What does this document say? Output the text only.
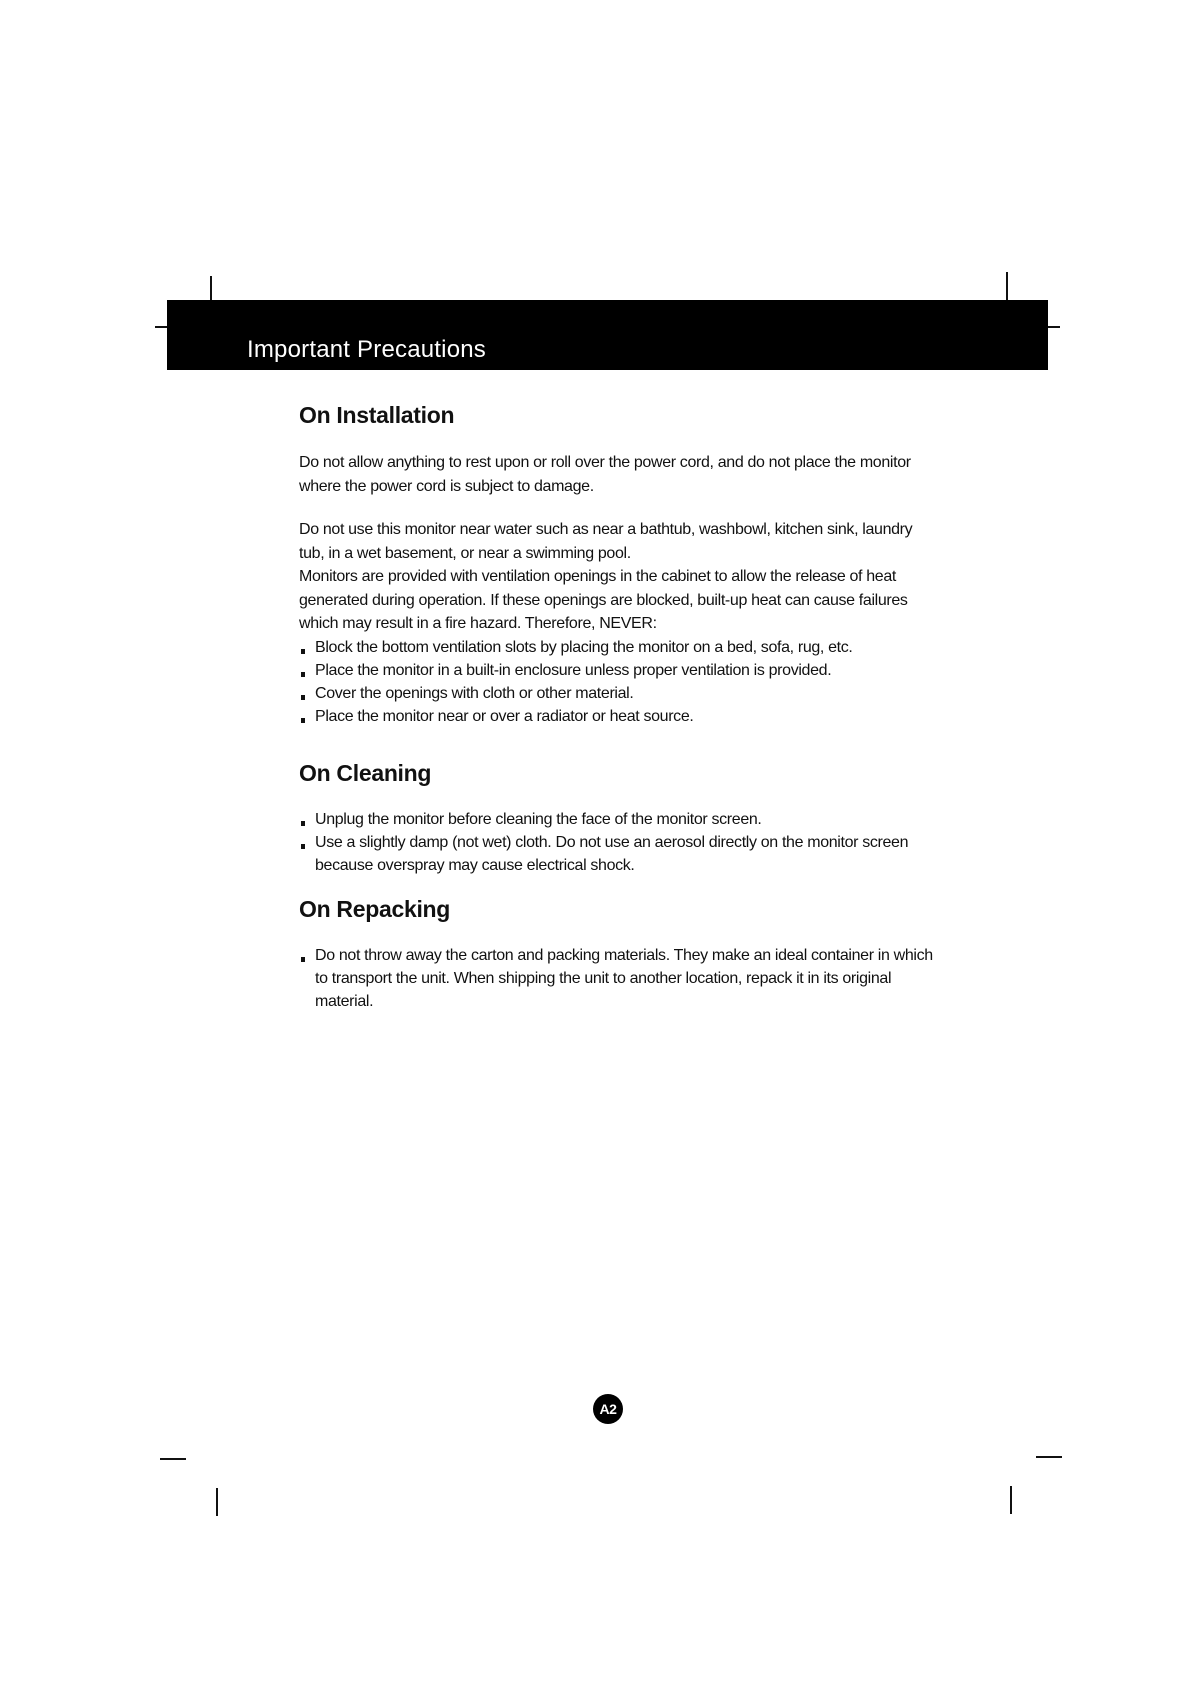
Important Precautions
On Installation

Do not allow anything to rest upon or roll over the power cord, and do not place the monitor where the power cord is subject to damage.

Do not use this monitor near water such as near a bathtub, washbowl, kitchen sink, laundry tub, in a wet basement, or near a swimming pool.

Monitors are provided with ventilation openings in the cabinet to allow the release of heat generated during operation. If these openings are blocked, built-up heat can cause failures which may result in a fire hazard. Therefore, NEVER:

Block the bottom ventilation slots by placing the monitor on a bed, sofa, rug, etc.
Place the monitor in a built-in enclosure unless proper ventilation is provided.
Cover the openings with cloth or other material.
Place the monitor near or over a radiator or heat source.
On Cleaning
Unplug the monitor before cleaning the face of the monitor screen.
Use a slightly damp (not wet) cloth. Do not use an aerosol directly on the monitor screen because overspray may cause electrical shock.
On Repacking
Do not throw away the carton and packing materials. They make an ideal container in which to transport the unit. When shipping the unit to another location, repack it in its original material.
A2
